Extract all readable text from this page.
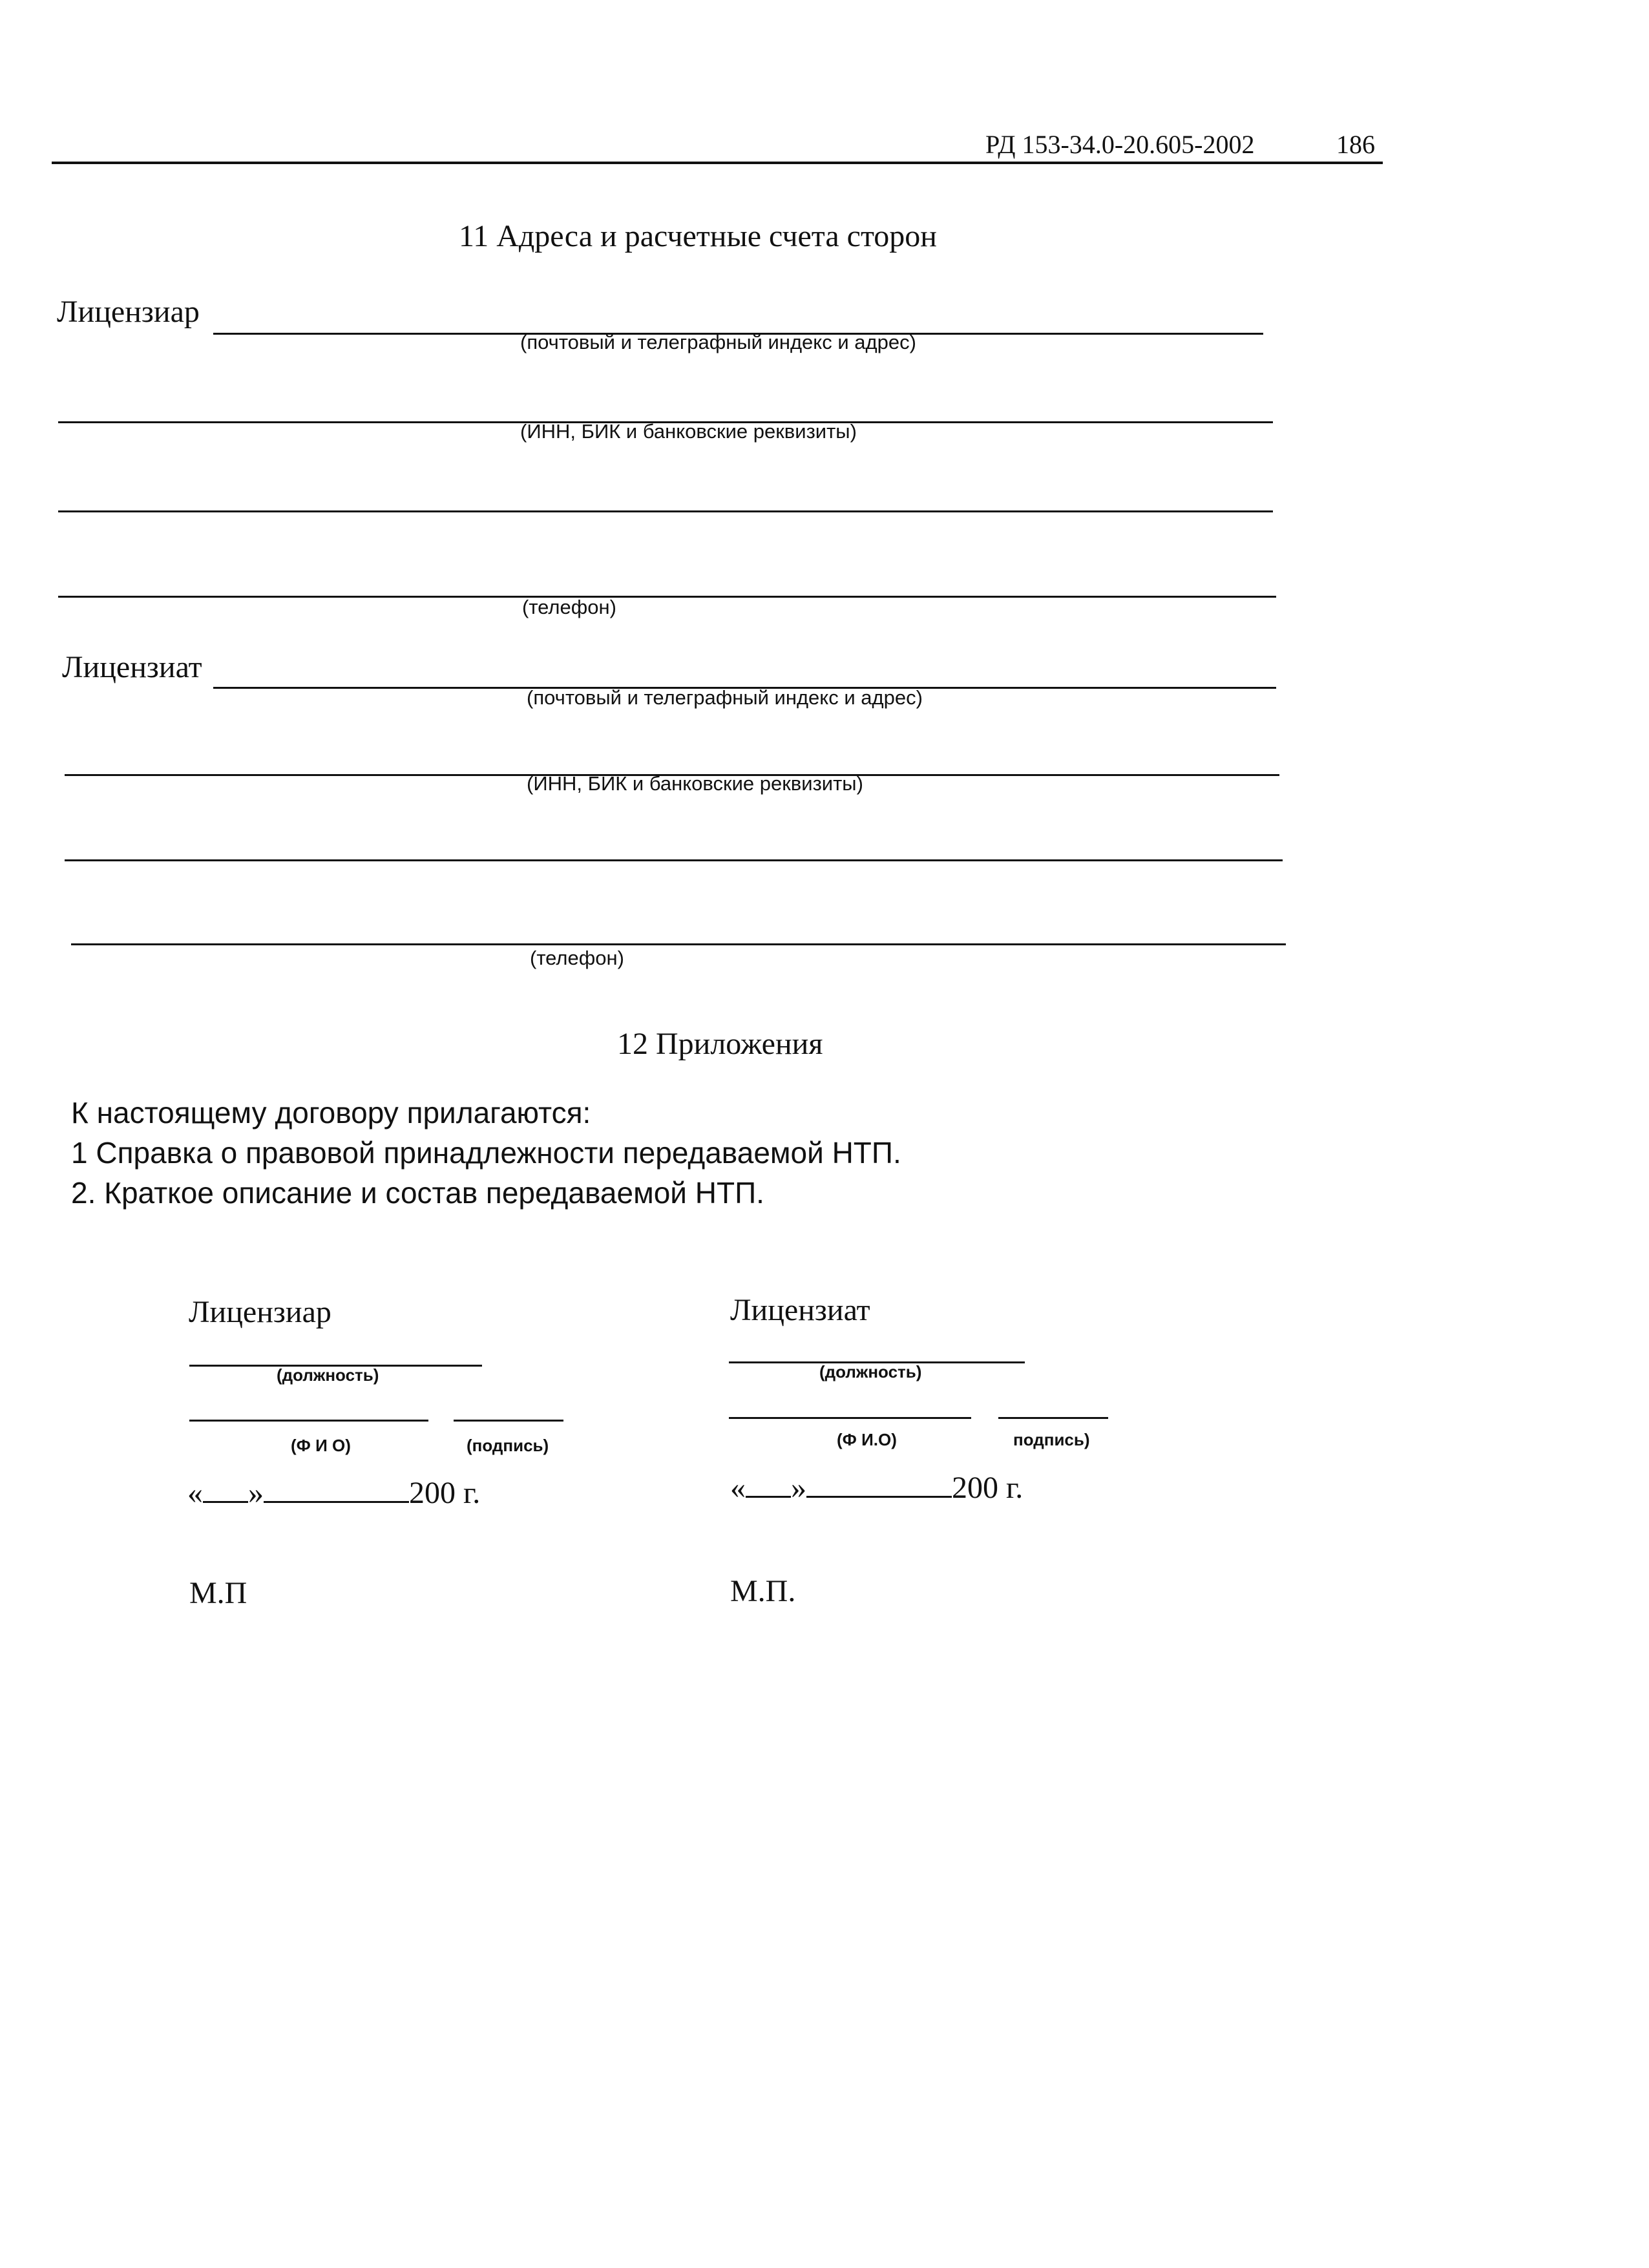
РД 153-34.0-20.605-2002	186
11 Адреса и расчетные счета сторон
Лицензиар
(почтовый и телеграфный индекс и адрес)
(ИНН, БИК и банковские реквизиты)
(телефон)
Лицензиат
(почтовый и телеграфный индекс и адрес)
(ИНН, БИК и банковские реквизиты)
(телефон)
12 Приложения
К настоящему договору прилагаются:
1 Справка о правовой принадлежности передаваемой НТП.
2. Краткое описание и состав передаваемой НТП.
Лицензиар
(должность)
(Ф И О)	(подпись)
« »	200 г.
М.П
Лицензиат
(должность)
(Ф И.О)	подпись)
« »	200 г.
М.П.
